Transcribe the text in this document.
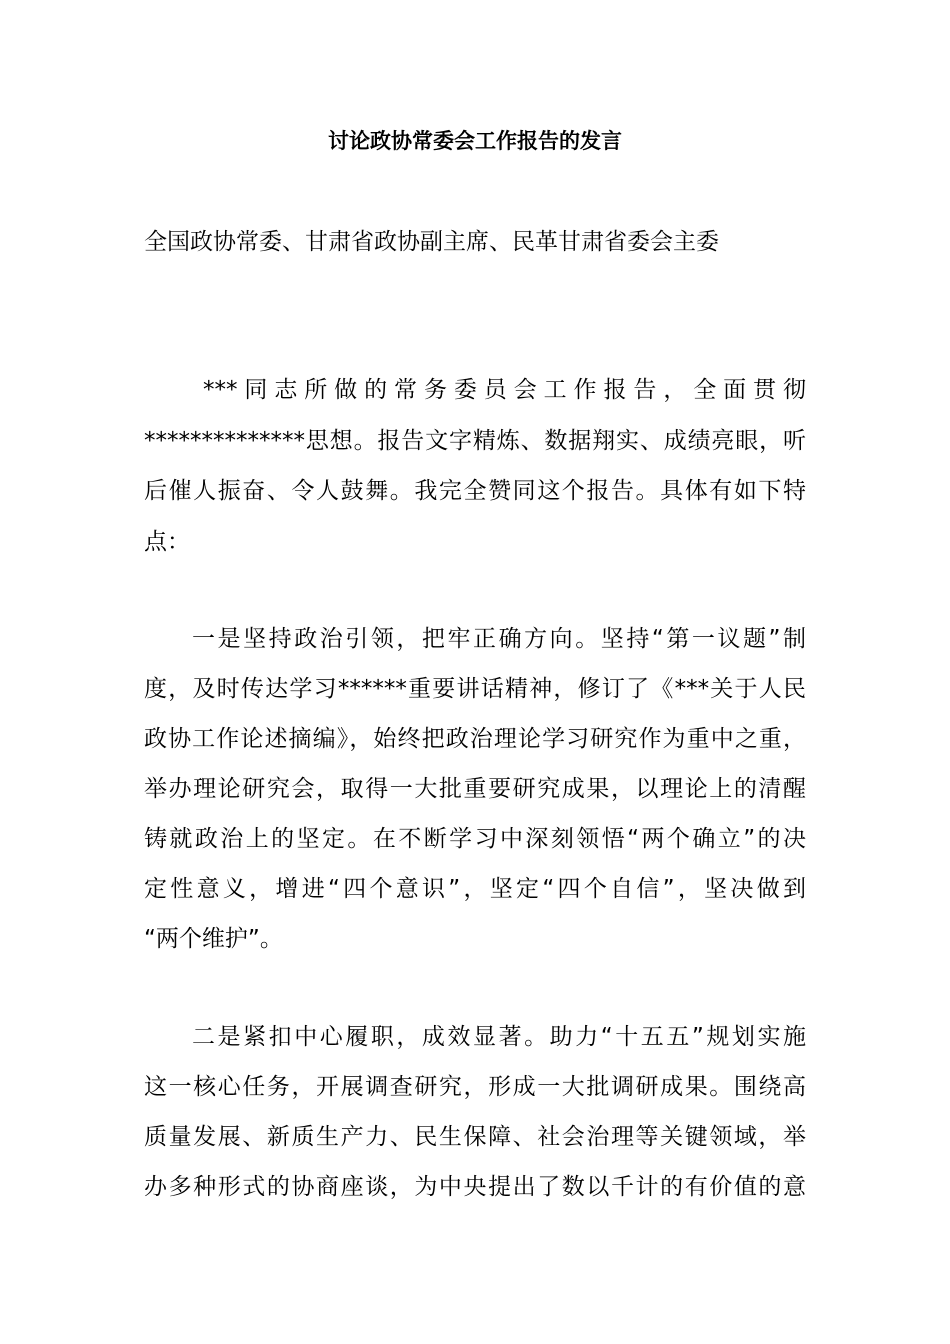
讨论政协常委会工作报告的发言

全国政协常委、甘肃省政协副主席、民革甘肃省委会主委

***同志所做的常务委员会工作报告，全面贯彻

**************思想。报告文字精炼、数据翔实、成绩亮眼，听

后催人振奋、令人鼓舞。我完全赞同这个报告。具体有如下特

点：

一是坚持政治引领，把牢正确方向。坚持“第一议题”制

度，及时传达学习******重要讲话精神，修订了《***关于人民

政协工作论述摘编》，始终把政治理论学习研究作为重中之重，

举办理论研究会，取得一大批重要研究成果，以理论上的清醒

铸就政治上的坚定。在不断学习中深刻领悟“两个确立”的决

定性意义，增进“四个意识”，坚定“四个自信”，坚决做到

“两个维护”。

二是紧扣中心履职，成效显著。助力“十五五”规划实施

这一核心任务，开展调查研究，形成一大批调研成果。围绕高

质量发展、新质生产力、民生保障、社会治理等关键领域，举

办多种形式的协商座谈，为中央提出了数以千计的有价值的意
